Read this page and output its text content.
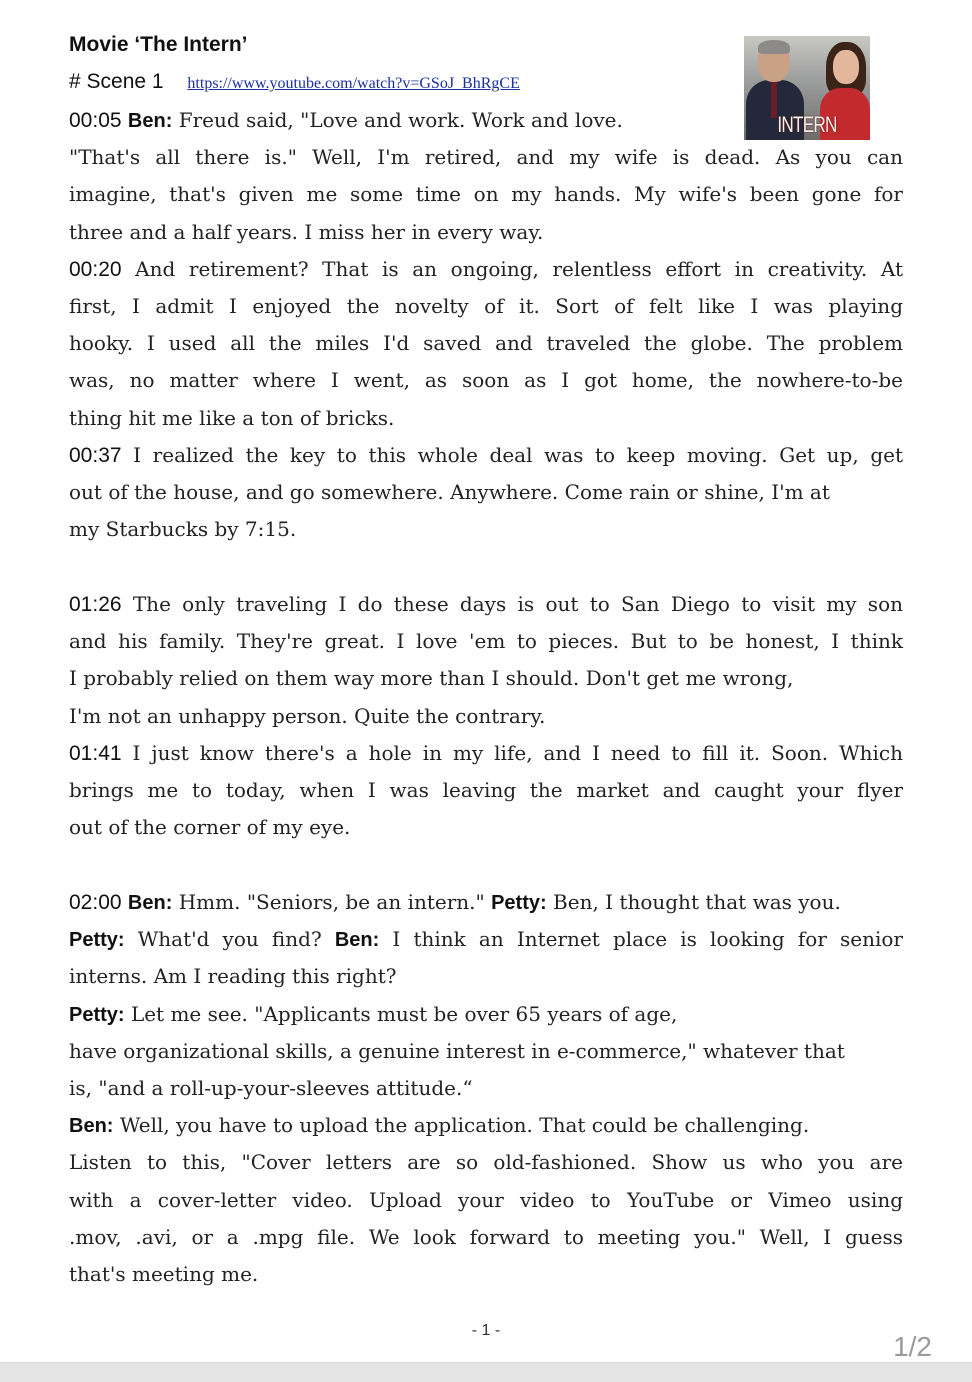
Movie ‘The Intern’
# Scene 1 https://www.youtube.com/watch?v=GSoJ_BhRgCE
INTERN
00:05 Ben: Freud said, "Love and work. Work and love.
"That's all there is." Well, I'm retired, and my wife is dead. As you can
imagine, that's given me some time on my hands. My wife's been gone for
three and a half years. I miss her in every way.
00:20 And retirement? That is an ongoing, relentless effort in creativity. At
first, I admit I enjoyed the novelty of it. Sort of felt like I was playing
hooky. I used all the miles I'd saved and traveled the globe. The problem
was, no matter where I went, as soon as I got home, the nowhere-to-be
thing hit me like a ton of bricks.
00:37 I realized the key to this whole deal was to keep moving. Get up, get
out of the house, and go somewhere. Anywhere. Come rain or shine, I'm at
my Starbucks by 7:15.
01:26 The only traveling I do these days is out to San Diego to visit my son
and his family. They're great. I love 'em to pieces. But to be honest, I think
I probably relied on them way more than I should. Don't get me wrong,
I'm not an unhappy person. Quite the contrary.
01:41 I just know there's a hole in my life, and I need to fill it. Soon. Which
brings me to today, when I was leaving the market and caught your flyer
out of the corner of my eye.
02:00 Ben: Hmm. "Seniors, be an intern." Petty: Ben, I thought that was you.
Petty: What'd you find? Ben: I think an Internet place is looking for senior
interns. Am I reading this right?
Petty: Let me see. "Applicants must be over 65 years of age,
have organizational skills, a genuine interest in e-commerce," whatever that
is, "and a roll-up-your-sleeves attitude.“
Ben: Well, you have to upload the application. That could be challenging.
Listen to this, "Cover letters are so old-fashioned. Show us who you are
with a cover-letter video. Upload your video to YouTube or Vimeo using
.mov, .avi, or a .mpg file. We look forward to meeting you." Well, I guess
that's meeting me.
- 1 -
1/2
